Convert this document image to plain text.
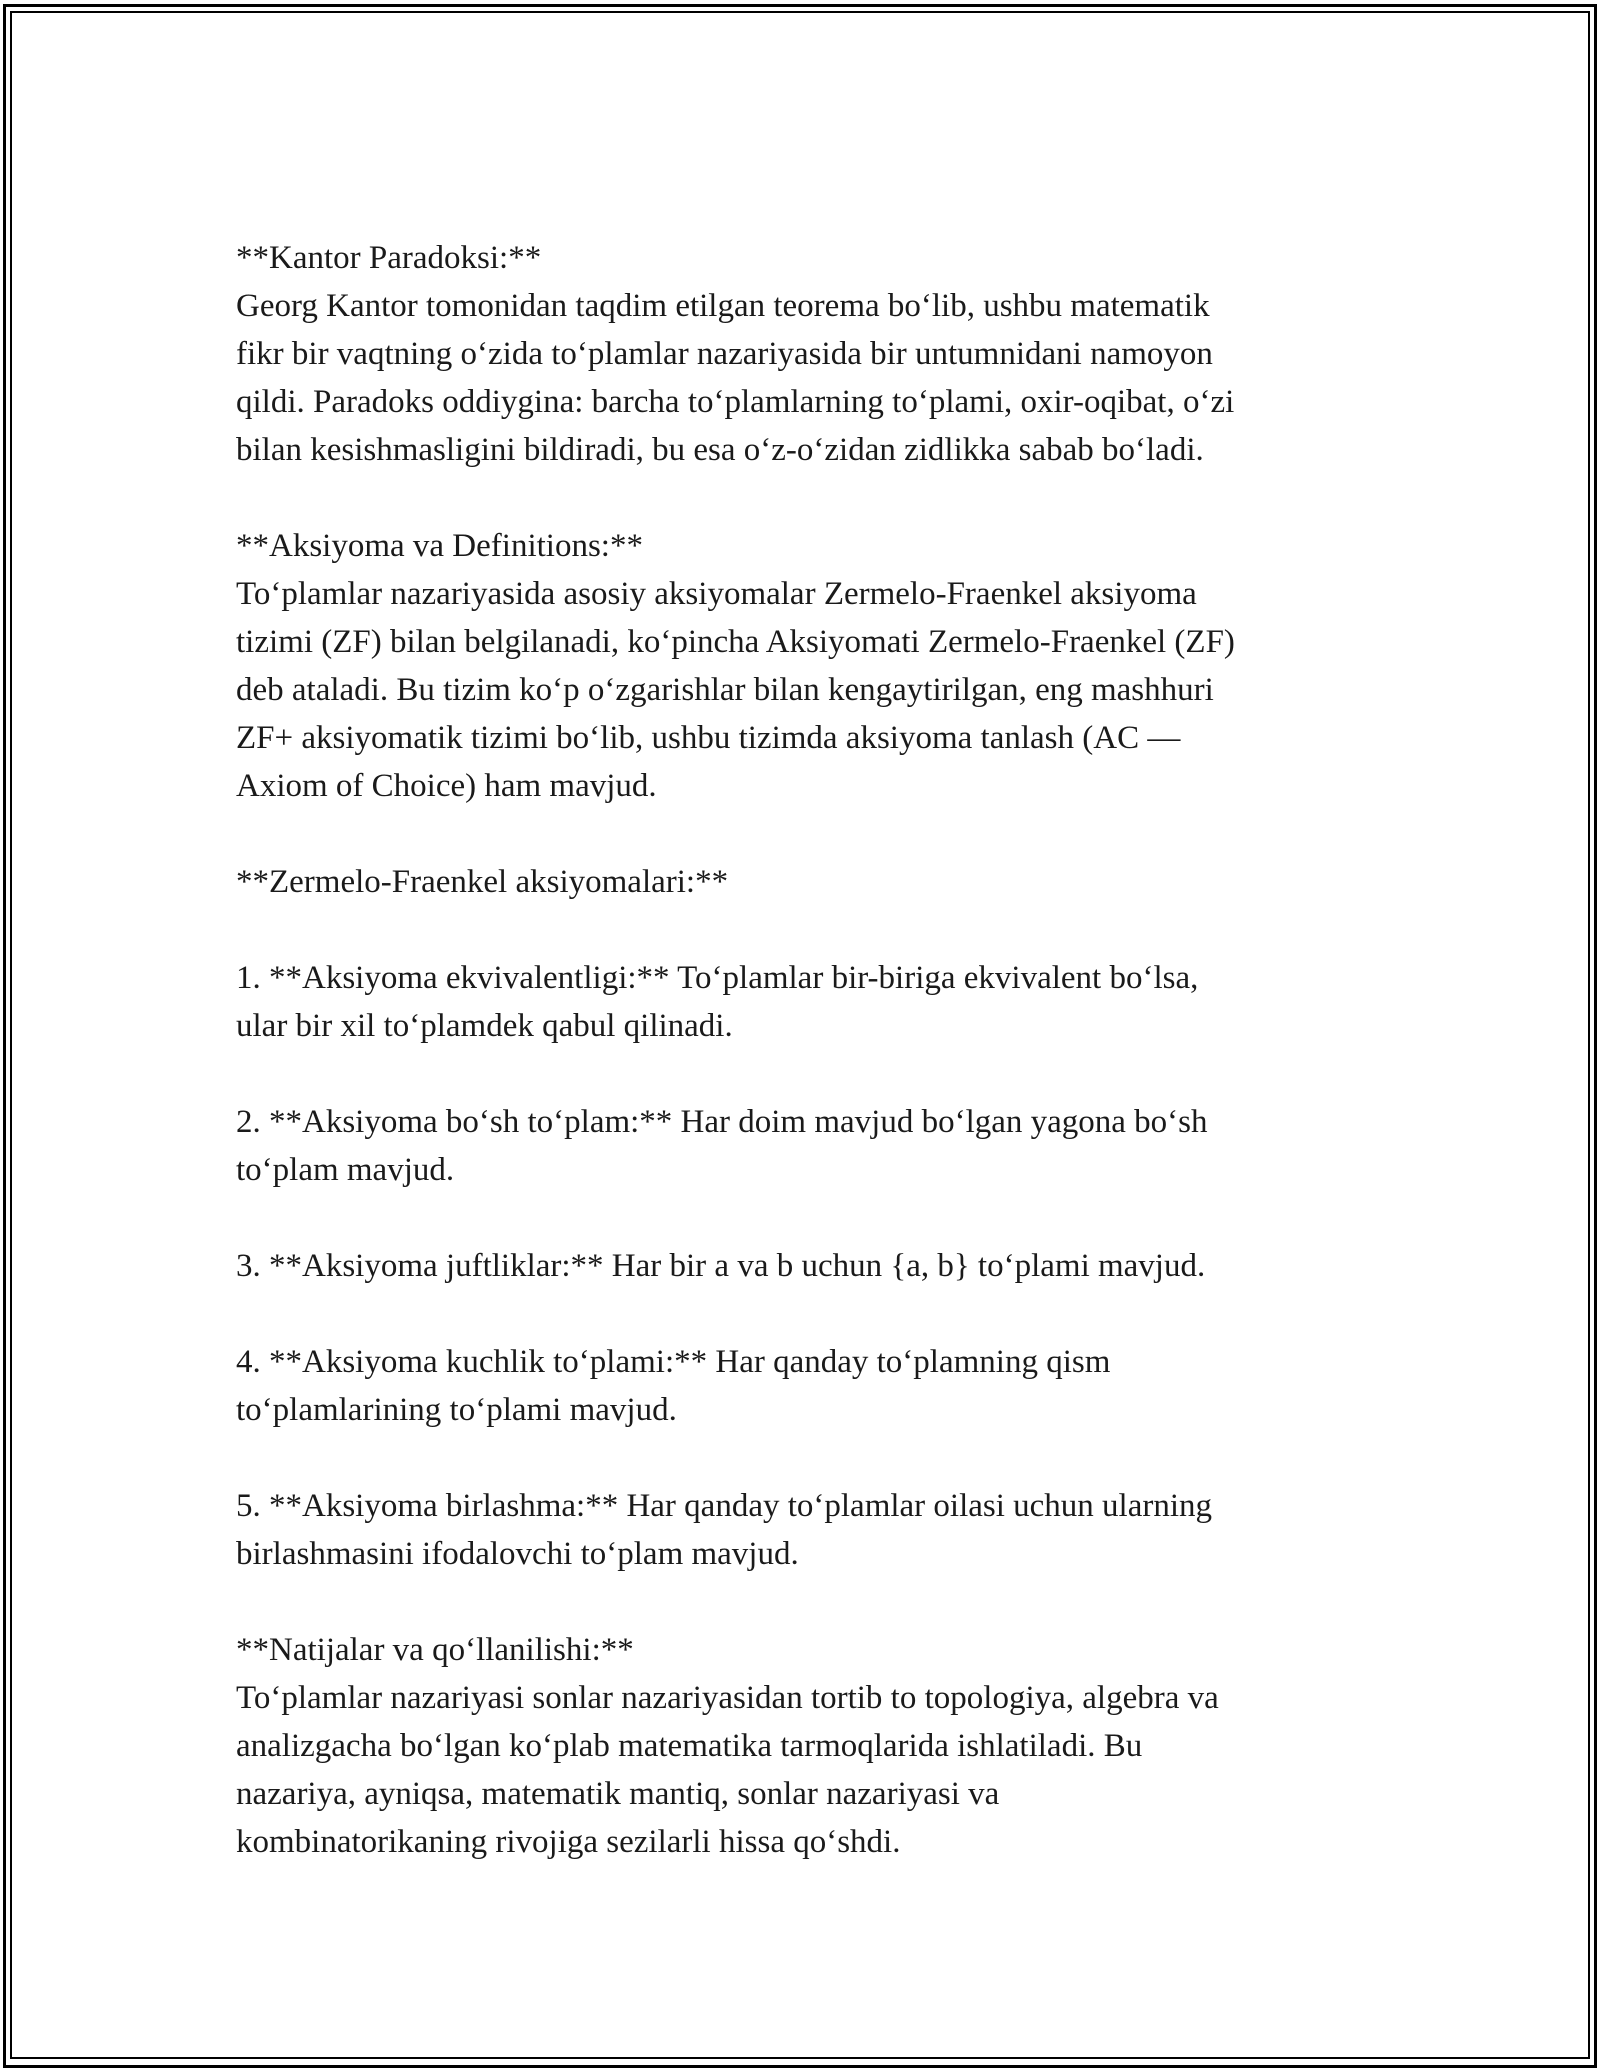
**Kantor Paradoksi:**
Georg Kantor tomonidan taqdim etilgan teorema bo‘lib, ushbu matematik
fikr bir vaqtning o‘zida to‘plamlar nazariyasida bir untumnidani namoyon
qildi. Paradoks oddiygina: barcha to‘plamlarning to‘plami, oxir-oqibat, o‘zi
bilan kesishmasligini bildiradi, bu esa o‘z-o‘zidan zidlikka sabab bo‘ladi.
**Aksiyoma va Definitions:**
To‘plamlar nazariyasida asosiy aksiyomalar Zermelo-Fraenkel aksiyoma
tizimi (ZF) bilan belgilanadi, ko‘pincha Aksiyomati Zermelo-Fraenkel (ZF)
deb ataladi. Bu tizim ko‘p o‘zgarishlar bilan kengaytirilgan, eng mashhuri
ZF+ aksiyomatik tizimi bo‘lib, ushbu tizimda aksiyoma tanlash (AC —
Axiom of Choice) ham mavjud.
**Zermelo-Fraenkel aksiyomalari:**
1. **Aksiyoma ekvivalentligi:** To‘plamlar bir-biriga ekvivalent bo‘lsa,
ular bir xil to‘plamdek qabul qilinadi.
2. **Aksiyoma bo‘sh to‘plam:** Har doim mavjud bo‘lgan yagona bo‘sh
to‘plam mavjud.
3. **Aksiyoma juftliklar:** Har bir a va b uchun {a, b} to‘plami mavjud.
4. **Aksiyoma kuchlik to‘plami:** Har qanday to‘plamning qism
to‘plamlarining to‘plami mavjud.
5. **Aksiyoma birlashma:** Har qanday to‘plamlar oilasi uchun ularning
birlashmasini ifodalovchi to‘plam mavjud.
**Natijalar va qo‘llanilishi:**
To‘plamlar nazariyasi sonlar nazariyasidan tortib to topologiya, algebra va
analizgacha bo‘lgan ko‘plab matematika tarmoqlarida ishlatiladi. Bu
nazariya, ayniqsa, matematik mantiq, sonlar nazariyasi va
kombinatorikaning rivojiga sezilarli hissa qo‘shdi.
